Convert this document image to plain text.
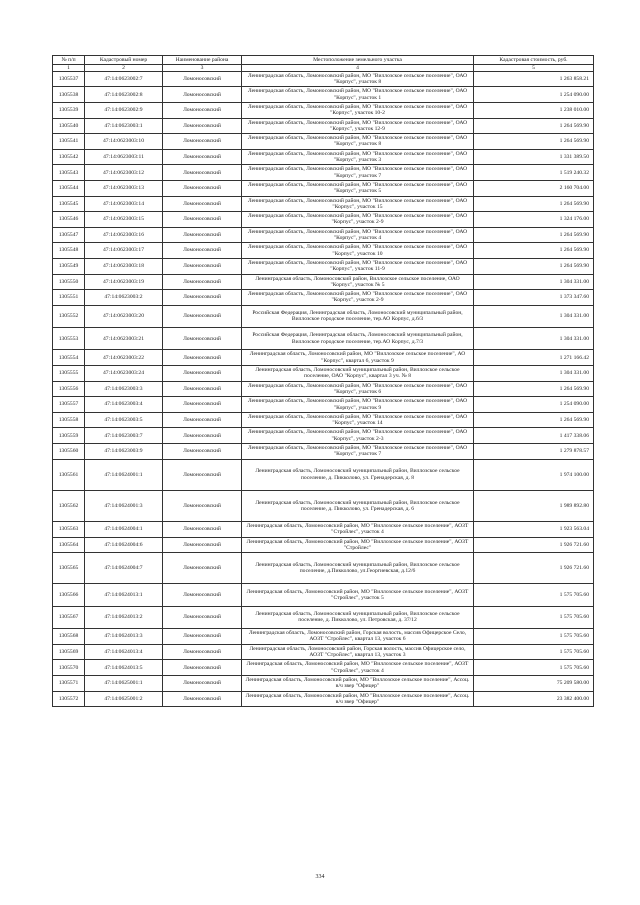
№ п/п	Кадастровый номер	Наименование района	Местоположение земельного участка	Кадастровая стоимость, руб.
1	2	3	4	5
1305537	47:14:0623002:7	Ломоносовский	Ленинградская область, Ломоносовский район, МО "Виллозское сельское поселение", ОАО "Корпус", участок 8	1 263 858.21
1305538	47:14:0623002:8	Ломоносовский	Ленинградская область, Ломоносовский район, МО "Виллозское сельское поселение", ОАО "Корпус", участок 1	1 254 090.00
1305539	47:14:0623002:9	Ломоносовский	Ленинградская область, Ломоносовский район, МО "Виллозское сельское поселение", ОАО "Корпус", участок 10-2	1 238 010.00
1305540	47:14:0623003:1	Ломоносовский	Ленинградская область, Ломоносовский район, МО "Виллозское сельское поселение", ОАО "Корпус", участок 12-9	1 264 569.90
1305541	47:14:0623003:10	Ломоносовский	Ленинградская область, Ломоносовский район, МО "Виллозское сельское поселение", ОАО "Корпус", участок 8	1 264 569.90
1305542	47:14:0623003:11	Ломоносовский	Ленинградская область, Ломоносовский район, МО "Виллозское сельское поселение", ОАО "Корпус", участок 3	1 331 389.50
1305543	47:14:0623003:12	Ломоносовский	Ленинградская область, Ломоносовский район, МО "Виллозское сельское поселение", ОАО "Корпус", участок 7	1 519 240.32
1305544	47:14:0623003:13	Ломоносовский	Ленинградская область, Ломоносовский район, МО "Виллозское сельское поселение", ОАО "Корпус", участок 5	2 160 704.00
1305545	47:14:0623003:14	Ломоносовский	Ленинградская область, Ломоносовский район, МО "Виллозское сельское поселение", ОАО "Корпус", участок 15	1 264 569.90
1305546	47:14:0623003:15	Ломоносовский	Ленинградская область, Ломоносовский район, МО "Виллозское сельское поселение", ОАО "Корпус", участок 2-9	1 324 176.00
1305547	47:14:0623003:16	Ломоносовский	Ленинградская область, Ломоносовский район, МО "Виллозское сельское поселение", ОАО "Корпус", участок 4	1 264 569.90
1305548	47:14:0623003:17	Ломоносовский	Ленинградская область, Ломоносовский район, МО "Виллозское сельское поселение", ОАО "Корпус", участок 10	1 264 569.90
1305549	47:14:0623003:18	Ломоносовский	Ленинградская область, Ломоносовский район, МО "Виллозское сельское поселение", ОАО "Корпус", участок 11-9	1 264 569.90
1305550	47:14:0623003:19	Ломоносовский	Ленинградская область, Ломоносовский район, Виллозское сельское поселение, ОАО "Корпус", участок № 5	1 304 331.00
1305551	47:14:0623003:2	Ломоносовский	Ленинградская область, Ломоносовский район, МО "Виллозское сельское поселение", ОАО "Корпус", участок 2-9	1 373 347.60
1305552	47:14:0623003:20	Ломоносовский	Российская Федерация, Ленинградская область, Ломоносовский муниципальный район, Виллозское городское поселение, тер.АО Корпус, д.6/3	1 304 331.00
1305553	47:14:0623003:21	Ломоносовский	Российская Федерация, Ленинградская область, Ломоносовский муниципальный район, Виллозское городское поселение, тер.АО Корпус, д.7/3	1 304 331.00
1305554	47:14:0623003:22	Ломоносовский	Ленинградская область, Ломоносовский район, МО "Виллозское сельское поселение", АО "Корпус", квартал 6, участок 9	1 271 166.42
1305555	47:14:0623003:24	Ломоносовский	Ленинградская область, Ломоносовский муниципальный район, Виллозское сельское поселение, ОАО "Корпус", квартал 3 уч. № 8	1 304 331.00
1305556	47:14:0623003:3	Ломоносовский	Ленинградская область, Ломоносовский район, МО "Виллозское сельское поселение", ОАО "Корпус", участок 6	1 264 569.90
1305557	47:14:0623003:4	Ломоносовский	Ленинградская область, Ломоносовский район, МО "Виллозское сельское поселение", ОАО "Корпус", участок 9	1 254 090.00
1305558	47:14:0623003:5	Ломоносовский	Ленинградская область, Ломоносовский район, МО "Виллозское сельское поселение", ОАО "Корпус", участок 14	1 264 569.90
1305559	47:14:0623003:7	Ломоносовский	Ленинградская область, Ломоносовский район, МО "Виллозское сельское поселение", ОАО "Корпус", участок 2-3	1 417 338.06
1305560	47:14:0623003:9	Ломоносовский	Ленинградская область, Ломоносовский район, МО "Виллозское сельское поселение", ОАО "Корпус", участок 7	1 279 878.57
1305561	47:14:0624001:1	Ломоносовский	Ленинградская область, Ломоносовский муниципальный район, Виллозское сельское поселение, д. Пикколово, ул. Гренадерская, д. 8	1 974 100.00
1305562	47:14:0624001:3	Ломоносовский	Ленинградская область, Ломоносовский муниципальный район, Виллозское сельское поселение, д. Пикколово, ул. Гренадерская, д. 6	1 989 892.80
1305563	47:14:0624004:1	Ломоносовский	Ленинградская область, Ломоносовский район, МО "Виллозское сельское поселение", АОЗТ "Стройлес", участок 4	1 923 563.04
1305564	47:14:0624004:6	Ломоносовский	Ленинградская область, Ломоносовский район, МО "Виллозское сельское поселение", АОЗТ "Стройлес"	1 926 721.60
1305565	47:14:0624004:7	Ломоносовский	Ленинградская область, Ломоносовский муниципальный район, Виллозское сельское поселение, д.Пикколово, ул.Георгиевская, д.12/6	1 926 721.60
1305566	47:14:0624013:1	Ломоносовский	Ленинградская область, Ломоносовский район, МО "Виллозское сельское поселение", АОЗТ "Стройлес", участок 5	1 575 705.60
1305567	47:14:0624013:2	Ломоносовский	Ленинградская область, Ломоносовский муниципальный район, Виллозское сельское поселение, д. Пикколово, ул. Петровская, д. 37/12	1 575 705.60
1305568	47:14:0624013:3	Ломоносовский	Ленинградская область, Ломоносовский район, Горская волость, массив Офицерское Село, АОЗТ "Стройлес", квартал 13, участок 6	1 575 705.60
1305569	47:14:0624013:4	Ломоносовский	Ленинградская область, Ломоносовский район, Горская волость, массив Офицерское село, АОЗТ "Стройлес", квартал 13, участок 3	1 575 705.60
1305570	47:14:0624013:5	Ломоносовский	Ленинградская область, Ломоносовский район, МО "Виллозское сельское поселение", АОЗТ "Стройлес", участок 4	1 575 705.60
1305571	47:14:0625001:1	Ломоносовский	Ленинградская область, Ломоносовский район, МО "Виллозское сельское поселение", Ассоц. в/ч звер "Офицер"	75 209 580.00
1305572	47:14:0625001:2	Ломоносовский	Ленинградская область, Ломоносовский район, МО "Виллозское сельское поселение", Ассоц. в/ч звер "Офицер"	23 382 400.00
334
